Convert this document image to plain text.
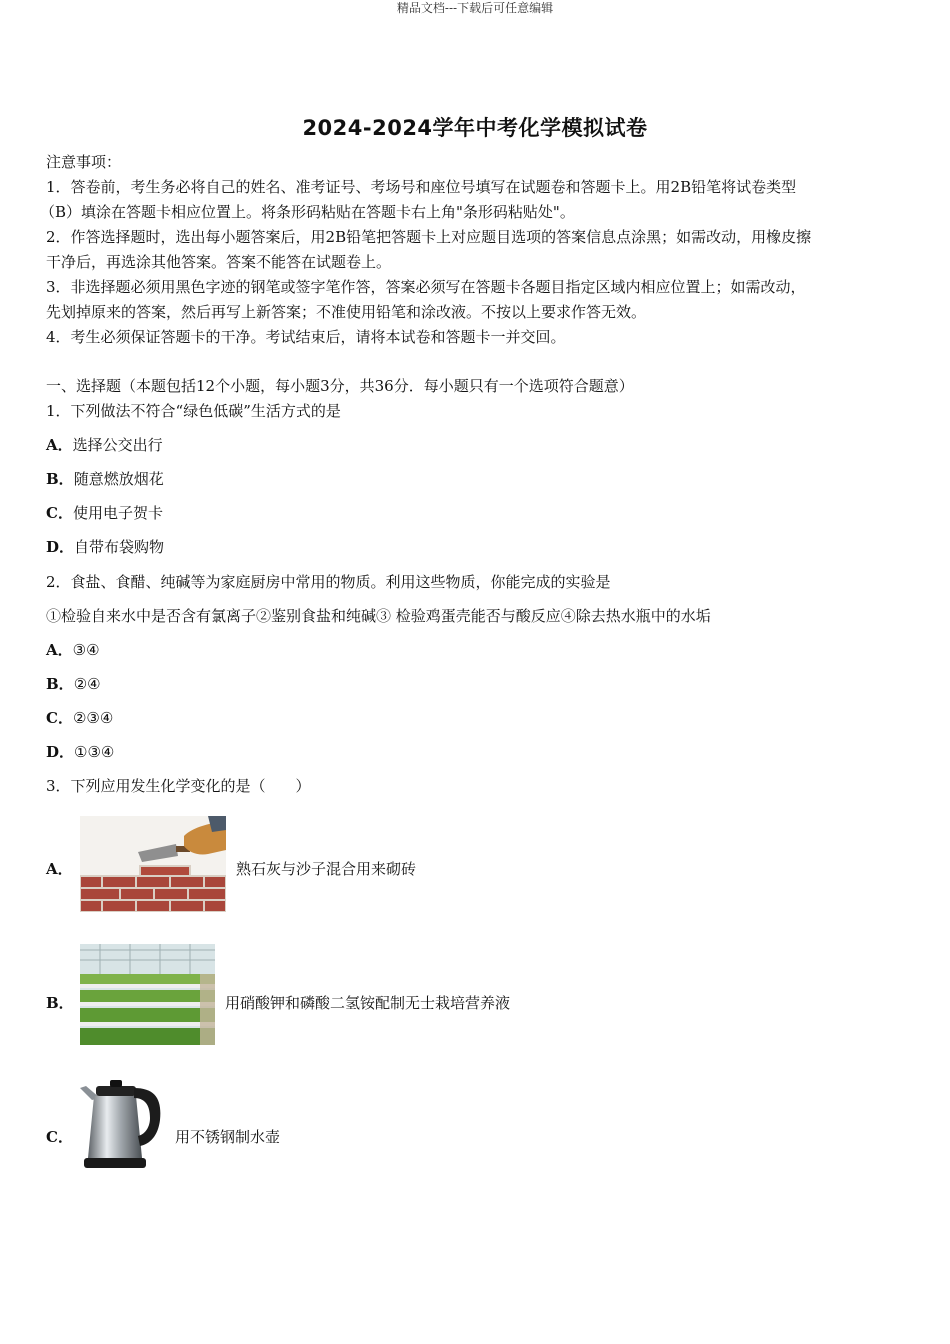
精品文档---下载后可任意编辑
2024-2024学年中考化学模拟试卷
注意事项：
1．答卷前，考生务必将自己的姓名、准考证号、考场号和座位号填写在试题卷和答题卡上。用2B铅笔将试卷类型
（B）填涂在答题卡相应位置上。将条形码粘贴在答题卡右上角"条形码粘贴处"。
2．作答选择题时，选出每小题答案后，用2B铅笔把答题卡上对应题目选项的答案信息点涂黑；如需改动，用橡皮擦
干净后，再选涂其他答案。答案不能答在试题卷上。
3．非选择题必须用黑色字迹的钢笔或签字笔作答，答案必须写在答题卡各题目指定区域内相应位置上；如需改动，
先划掉原来的答案，然后再写上新答案；不准使用铅笔和涂改液。不按以上要求作答无效。
4．考生必须保证答题卡的干净。考试结束后，请将本试卷和答题卡一并交回。
一、选择题（本题包括12个小题，每小题3分，共36分．每小题只有一个选项符合题意）
1．下列做法不符合“绿色低碳”生活方式的是
A．选择公交出行
B．随意燃放烟花
C．使用电子贺卡
D．自带布袋购物
2．食盐、食醋、纯碱等为家庭厨房中常用的物质。利用这些物质，你能完成的实验是
①检验自来水中是否含有氯离子②鉴别食盐和纯碱③ 检验鸡蛋壳能否与酸反应④除去热水瓶中的水垢
A．③④
B．②④
C．②③④
D．①③④
3．下列应用发生化学变化的是（　　）
A．	熟石灰与沙子混合用来砌砖
B．	用硝酸钾和磷酸二氢铵配制无士栽培营养液
C．	用不锈钢制水壶
